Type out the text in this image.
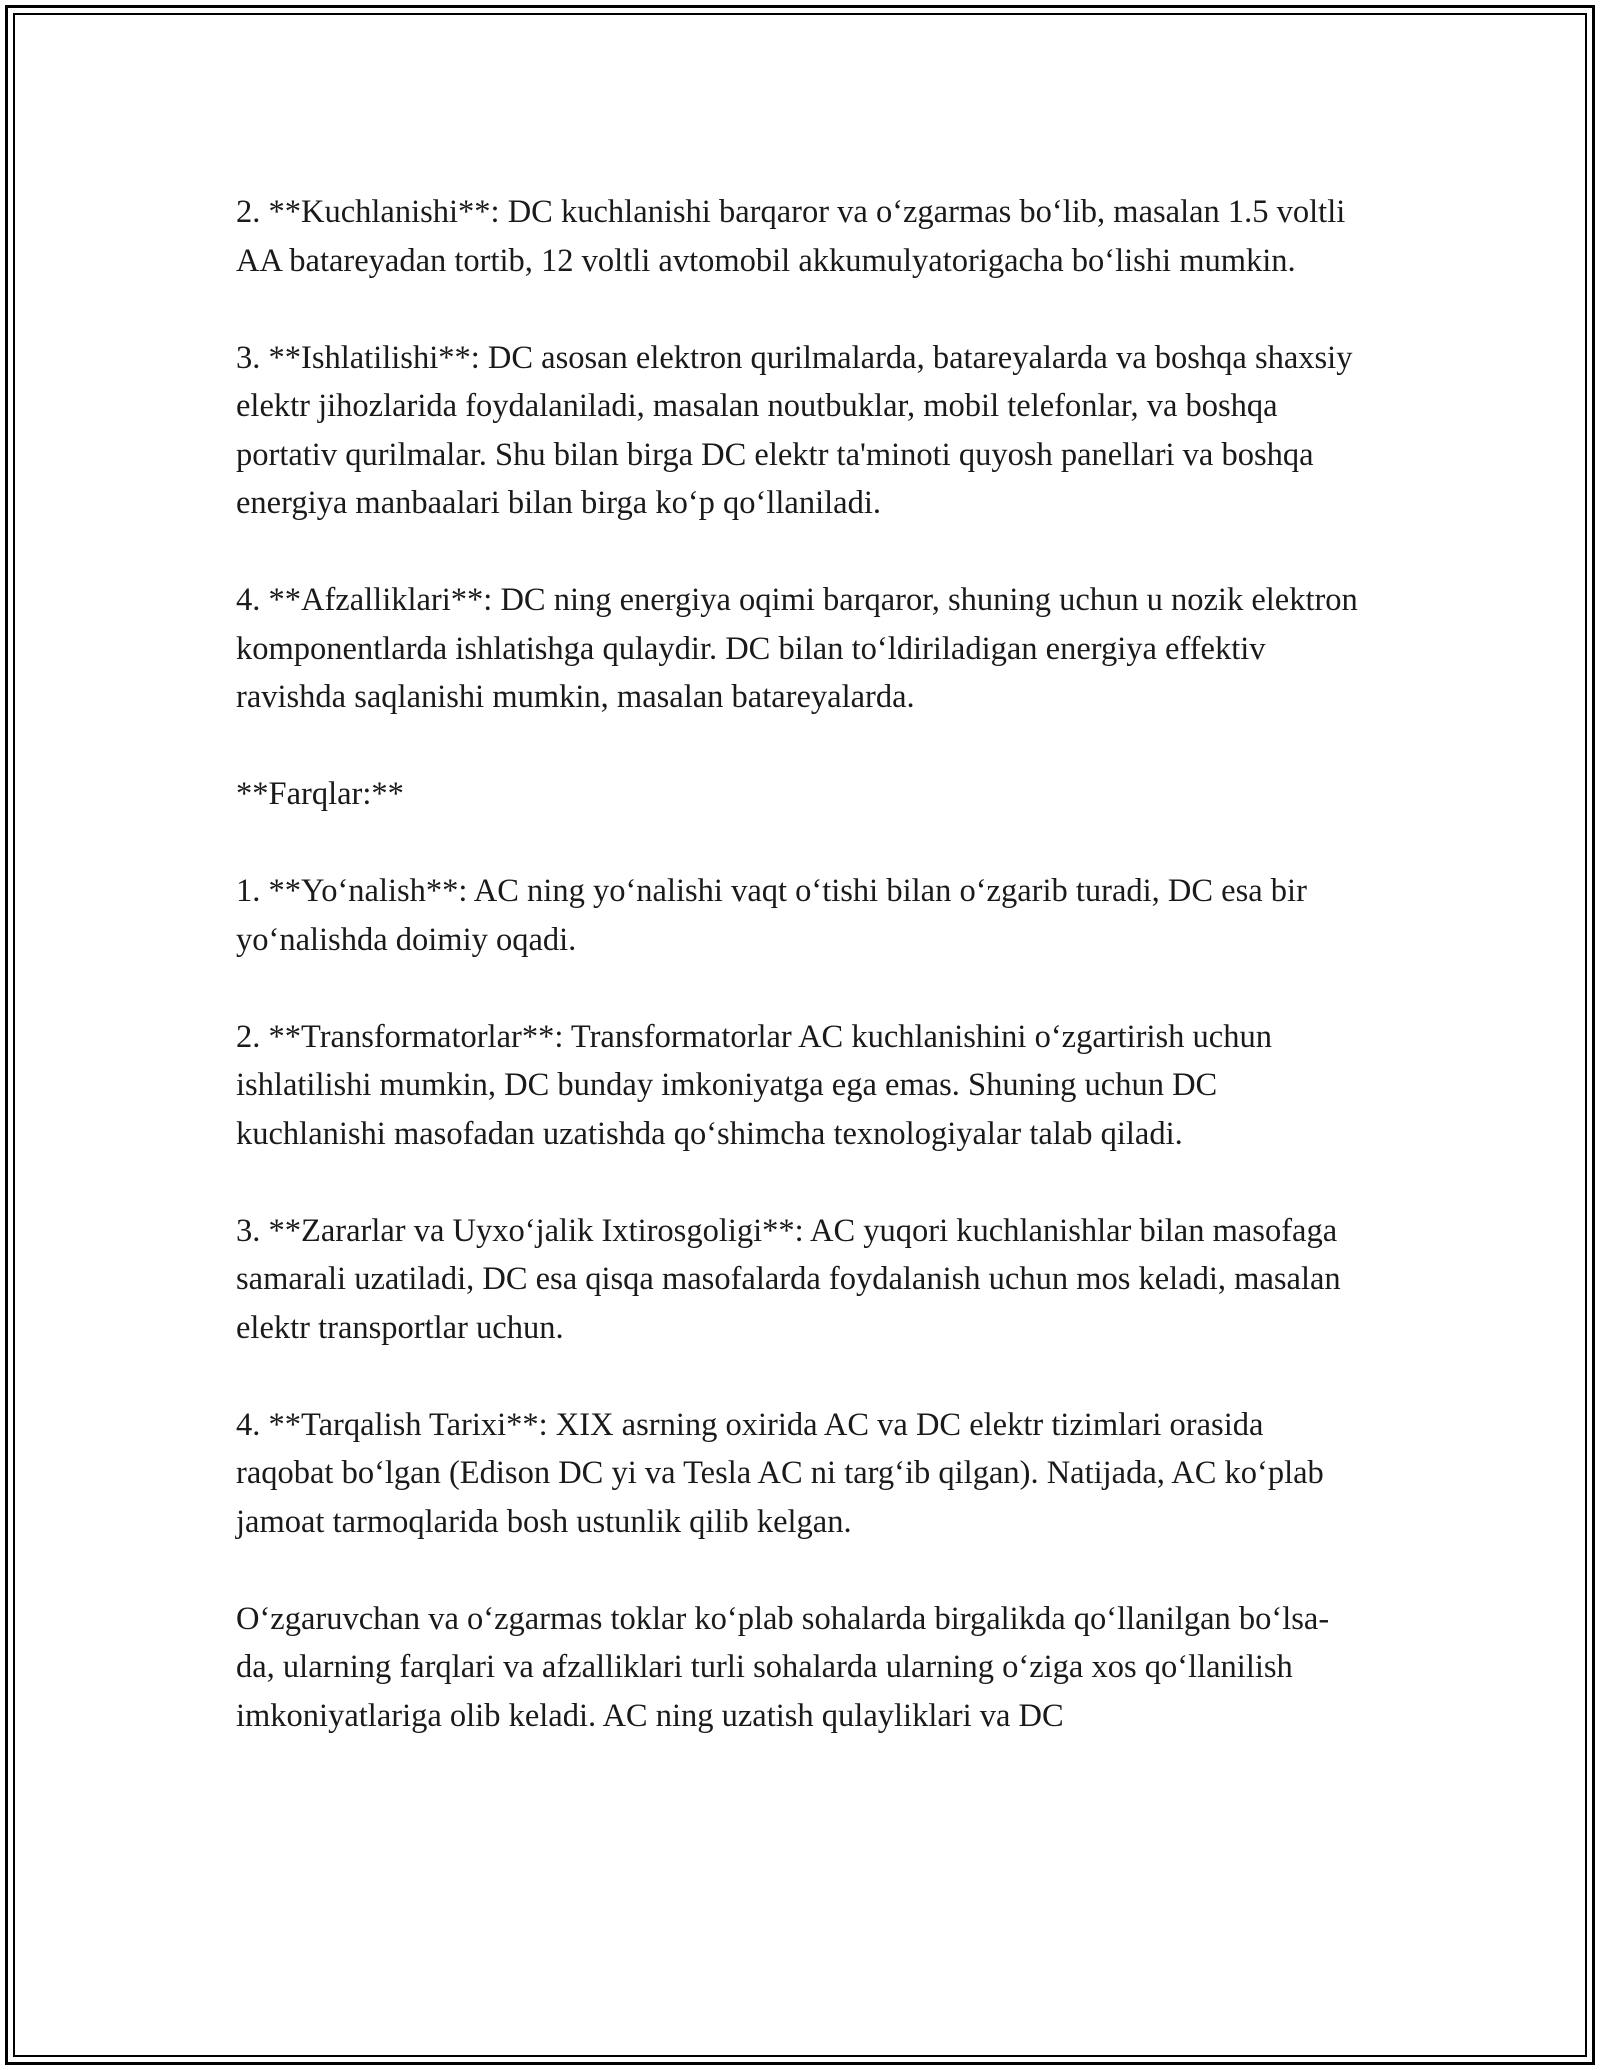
2. **Kuchlanishi**: DC kuchlanishi barqaror va o‘zgarmas bo‘lib, masalan 1.5 voltli AA batareyadan tortib, 12 voltli avtomobil akkumulyatorigacha bo‘lishi mumkin.

3. **Ishlatilishi**: DC asosan elektron qurilmalarda, batareyalarda va boshqa shaxsiy elektr jihozlarida foydalaniladi, masalan noutbuklar, mobil telefonlar, va boshqa portativ qurilmalar. Shu bilan birga DC elektr ta'minoti quyosh panellari va boshqa energiya manbaalari bilan birga ko‘p qo‘llaniladi.

4. **Afzalliklari**: DC ning energiya oqimi barqaror, shuning uchun u nozik elektron komponentlarda ishlatishga qulaydir. DC bilan to‘ldiriladigan energiya effektiv ravishda saqlanishi mumkin, masalan batareyalarda.

**Farqlar:**

1. **Yo‘nalish**: AC ning yo‘nalishi vaqt o‘tishi bilan o‘zgarib turadi, DC esa bir yo‘nalishda doimiy oqadi.

2. **Transformatorlar**: Transformatorlar AC kuchlanishini o‘zgartirish uchun ishlatilishi mumkin, DC bunday imkoniyatga ega emas. Shuning uchun DC kuchlanishi masofadan uzatishda qo‘shimcha texnologiyalar talab qiladi.

3. **Zararlar va Uyxo‘jalik Ixtirosgoligi**: AC yuqori kuchlanishlar bilan masofaga samarali uzatiladi, DC esa qisqa masofalarda foydalanish uchun mos keladi, masalan elektr transportlar uchun.

4. **Tarqalish Tarixi**: XIX asrning oxirida AC va DC elektr tizimlari orasida raqobat bo‘lgan (Edison DC yi va Tesla AC ni targ‘ib qilgan). Natijada, AC ko‘plab jamoat tarmoqlarida bosh ustunlik qilib kelgan.

O‘zgaruvchan va o‘zgarmas toklar ko‘plab sohalarda birgalikda qo‘llanilgan bo‘lsa-da, ularning farqlari va afzalliklari turli sohalarda ularning o‘ziga xos qo‘llanilish imkoniyatlariga olib keladi. AC ning uzatish qulayliklari va DC
